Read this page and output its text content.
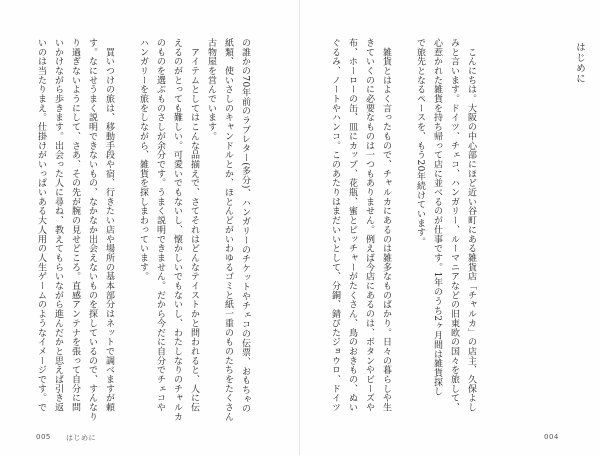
いのは当たりまえ。仕掛けがいっぱいある大人用の人生ゲームのようなイメージです。で いかけながら歩きます。出会った人に尋ね、教えてもらいながら進んだかと思えば引き返 り過ぎないようにして、さあ、その先が腕の見せどころ。直感アンテナを張って自分に問 す。なにせうまく説明できないもの、なかなか出会えないものを探しているので、すんなり 　買いつけの旅は、移動手段や宿、行きたい店や場所の基本部分はネットで調べますが頼	ハンガリーを旅をしながら、雑貨を探しまわっています。 のものを選ぶものさしが余分です。うまく説明できません。だから今だに自分でチェコや えるのがとっても難しい。可愛いでもないし、懐かしいでもないし、わたしなりのチャルカ 　アイテムとしてはこんな品揃えで、さてそれはどんなテイストかと問われると、人に伝 古物屋を営んでいます。 紙類、使いさしのキャンドルとか、ほとんどがいわゆるゴミと紙一重のものたちをたくさん の誰かの70年前のラブレター(多分)、ハンガリーのチケットやチェコの伝票、おもちゃの
005 はじめに
ぐるみ、ノートやハンコ。このあたりはまだいいとして、分銅、錆びたジョウロ、ドイツ 布、ホーローの缶、皿にカップ、花瓶、蜜とピッチャーがたくさん、鳥のおきもの、ぬい きていくのに必要なものは一つもありません。例えば今店にあるのは、ボタンやビーズや 　雑貨とはよく言ったもので、チャルカにあるのは雑多なものばかり。日々の暮らしや生	で旅先となるペースを、もう20年続けています。 心惹かれた雑貨を持ち帰って店に並べるのが仕事です。1年のうち2ヶ月間は雑貨探し みと言います。ドイツ、チェコ、ハンガリー、ルーマニアなどの旧東欧の国々を旅して、 　こんにちは。大阪の中心部にほど近い谷町にある雑貨店「チャルカ」の店主、久保よし	はじめに
004
